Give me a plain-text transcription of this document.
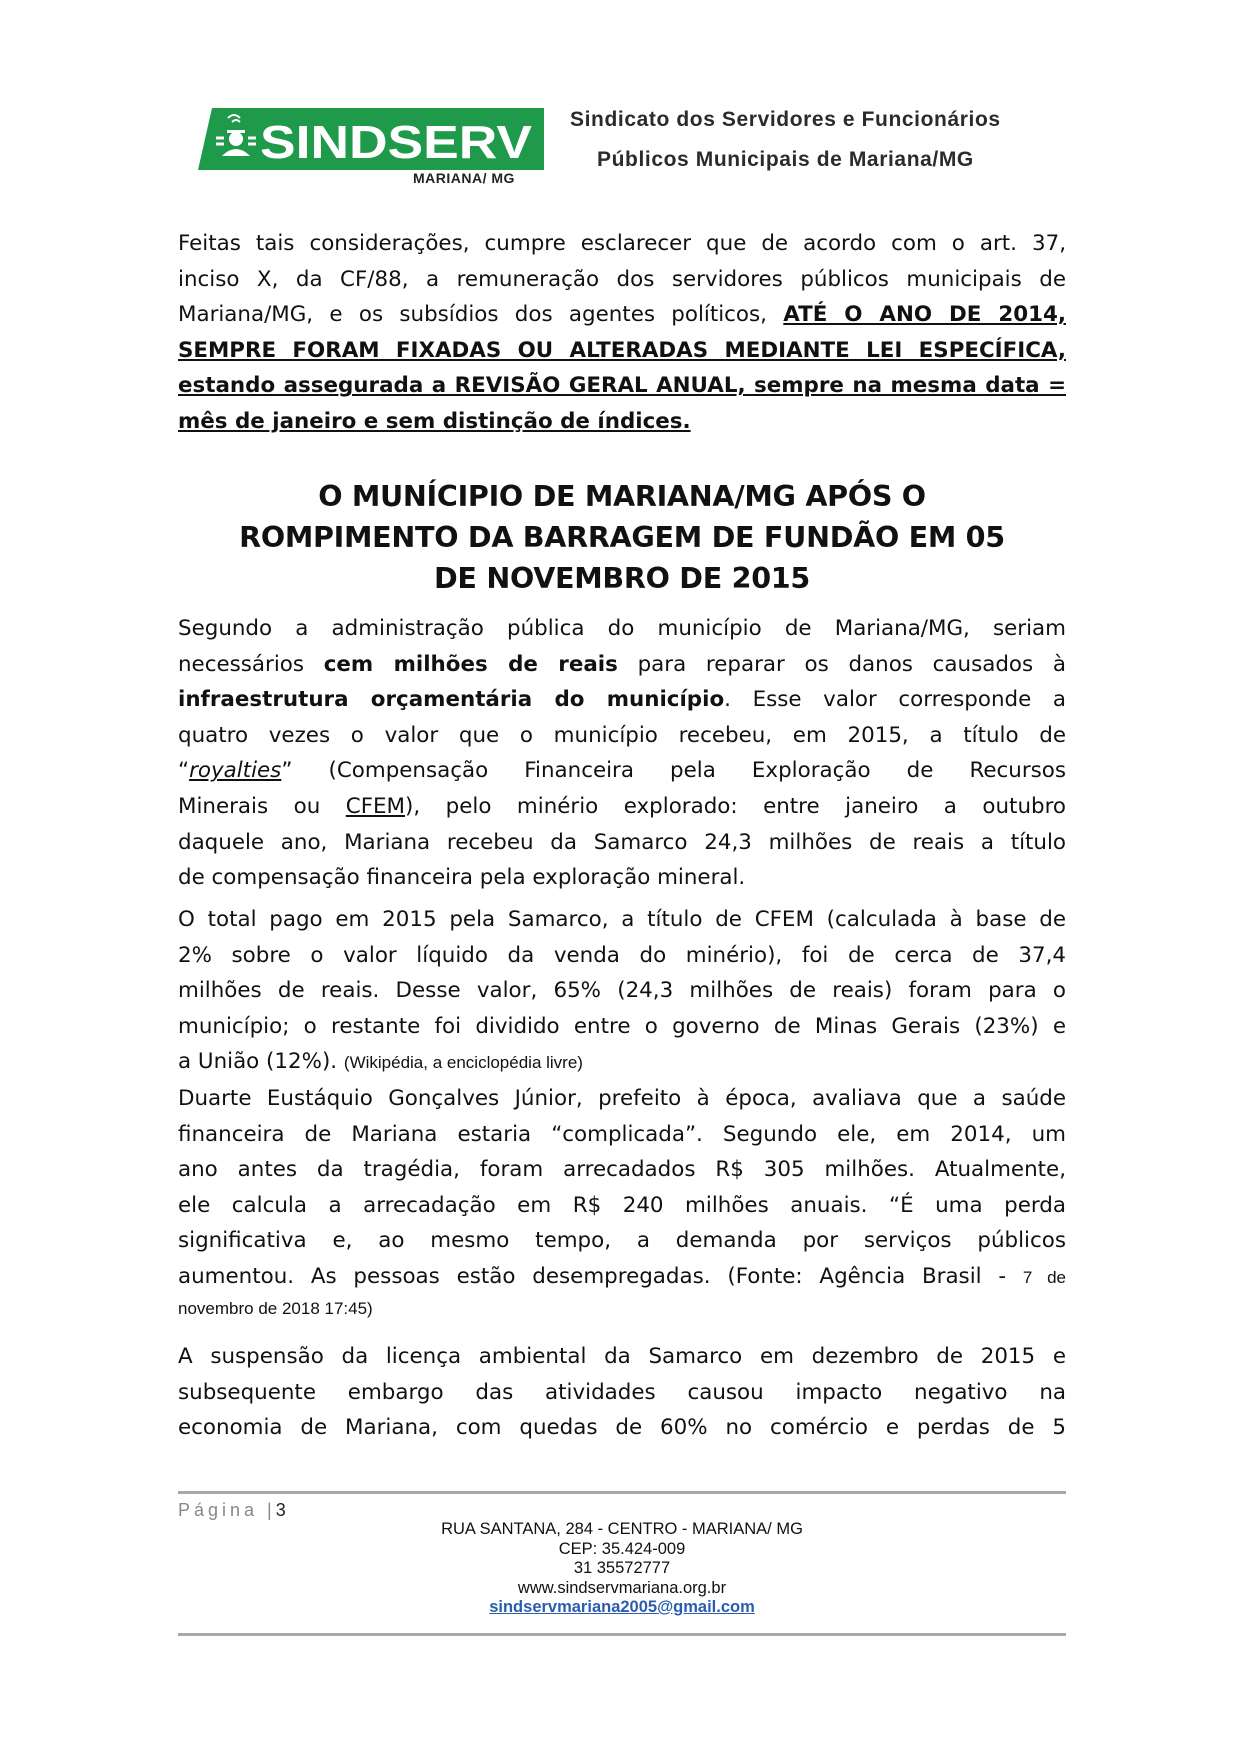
SINDSERV
MARIANA/ MG
Sindicato dos Servidores e Funcionários
Públicos Municipais de Mariana/MG
Feitas tais considerações, cumpre esclarecer que de acordo com o art. 37,
inciso X, da CF/88, a remuneração dos servidores públicos municipais de
Mariana/MG, e os subsídios dos agentes políticos, ATÉ O ANO DE 2014,
SEMPRE FORAM FIXADAS OU ALTERADAS MEDIANTE LEI ESPECÍFICA,
estando assegurada a REVISÃO GERAL ANUAL, sempre na mesma data =
mês de janeiro e sem distinção de índices.
O MUNÍCIPIO DE MARIANA/MG APÓS O
ROMPIMENTO DA BARRAGEM DE FUNDÃO EM 05
DE NOVEMBRO DE 2015
Segundo a administração pública do município de Mariana/MG, seriam
necessários cem milhões de reais para reparar os danos causados à
infraestrutura orçamentária do município. Esse valor corresponde a
quatro vezes o valor que o município recebeu, em 2015, a título de
“royalties” (Compensação Financeira pela Exploração de Recursos
Minerais ou CFEM), pelo minério explorado: entre janeiro a outubro
daquele ano, Mariana recebeu da Samarco 24,3 milhões de reais a título
de compensação financeira pela exploração mineral.
O total pago em 2015 pela Samarco, a título de CFEM (calculada à base de
2% sobre o valor líquido da venda do minério), foi de cerca de 37,4
milhões de reais. Desse valor, 65% (24,3 milhões de reais) foram para o
município; o restante foi dividido entre o governo de Minas Gerais (23%) e
a União (12%). (Wikipédia, a enciclopédia livre)
Duarte Eustáquio Gonçalves Júnior, prefeito à época, avaliava que a saúde
financeira de Mariana estaria “complicada”. Segundo ele, em 2014, um
ano antes da tragédia, foram arrecadados R$ 305 milhões. Atualmente,
ele calcula a arrecadação em R$ 240 milhões anuais. “É uma perda
significativa e, ao mesmo tempo, a demanda por serviços públicos
aumentou. As pessoas estão desempregadas. (Fonte: Agência Brasil - 7 de
novembro de 2018 17:45)
A suspensão da licença ambiental da Samarco em dezembro de 2015 e
subsequente embargo das atividades causou impacto negativo na
economia de Mariana, com quedas de 60% no comércio e perdas de 5
Página |3
RUA SANTANA, 284 - CENTRO - MARIANA/ MG
CEP: 35.424-009
31 35572777
www.sindservmariana.org.br
sindservmariana2005@gmail.com
